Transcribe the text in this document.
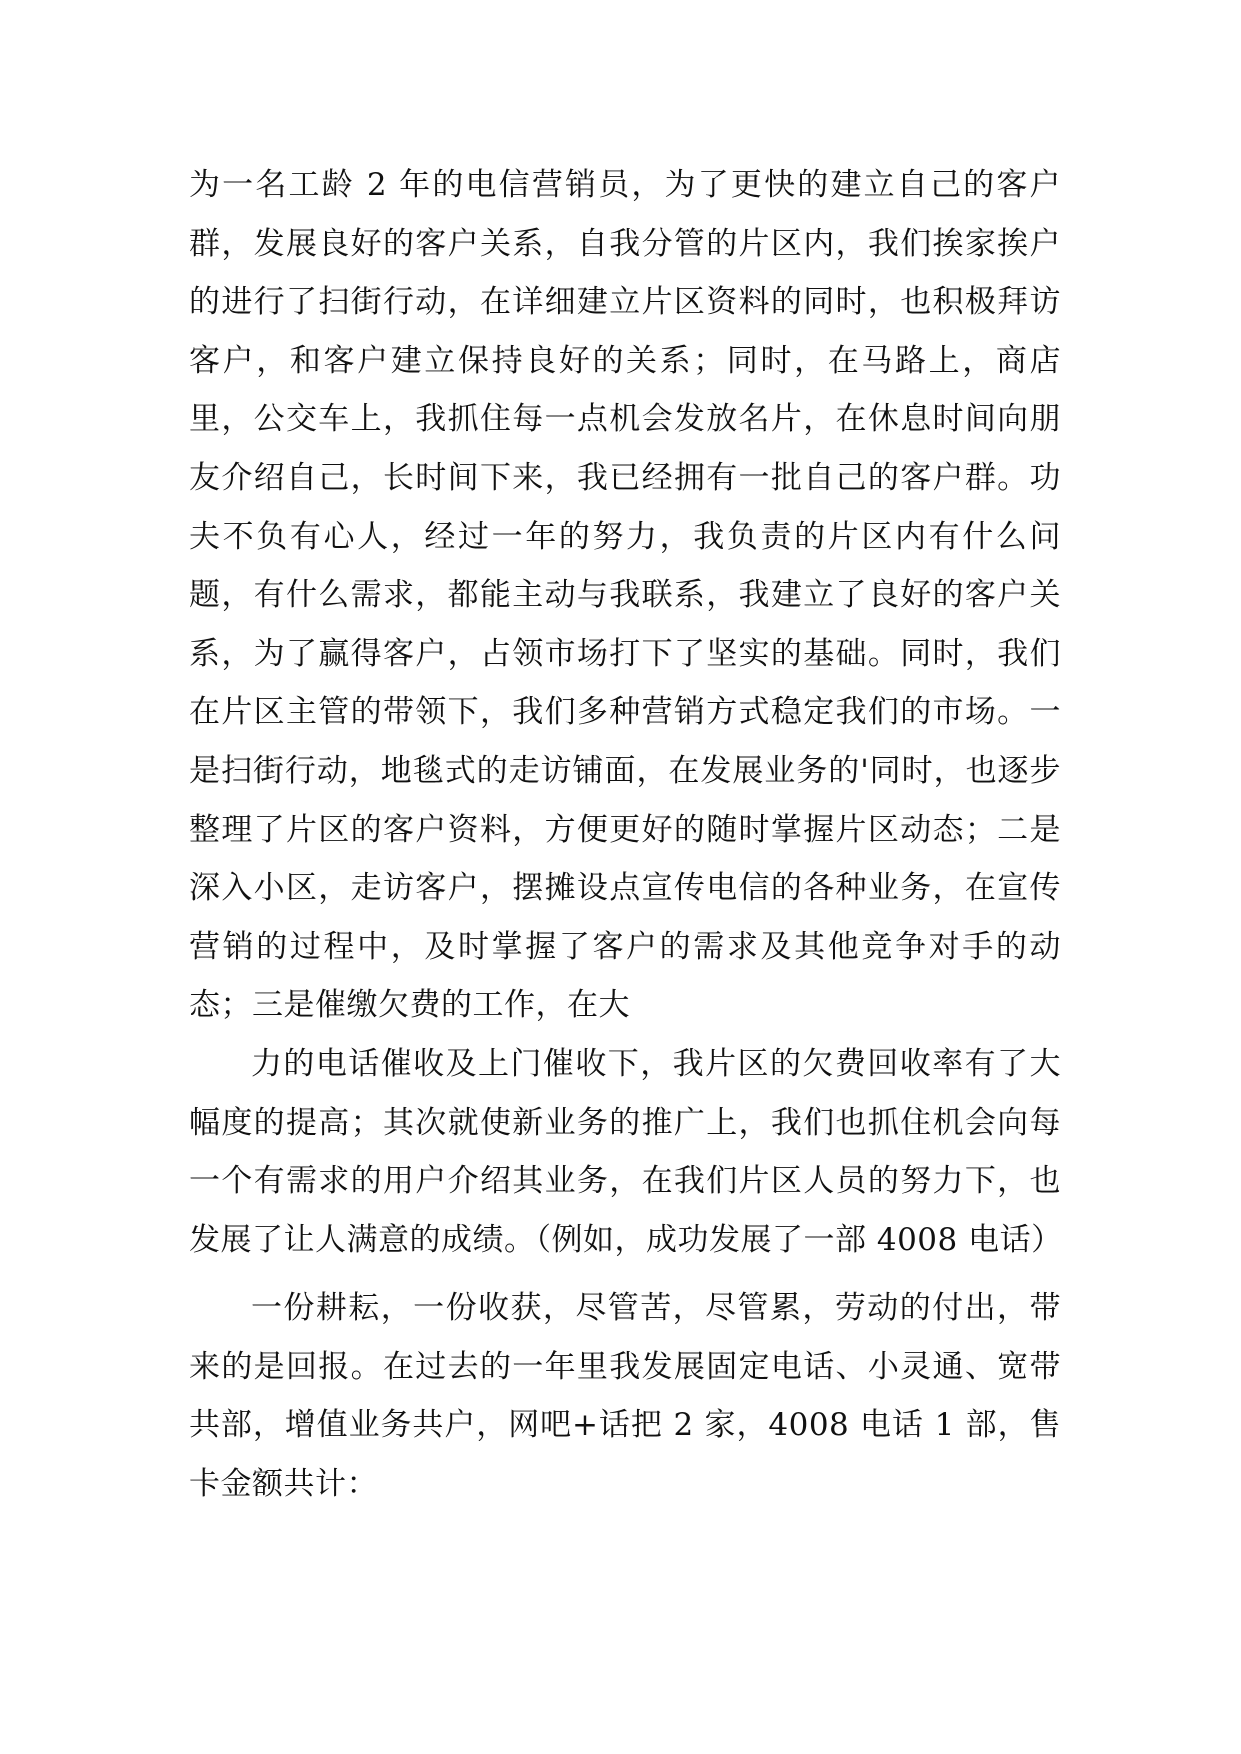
为一名工龄 2 年的电信营销员，为了更快的建立自己的客户群，发展良好的客户关系，自我分管的片区内，我们挨家挨户的进行了扫街行动，在详细建立片区资料的同时，也积极拜访客户，和客户建立保持良好的关系；同时，在马路上，商店里，公交车上，我抓住每一点机会发放名片，在休息时间向朋友介绍自己，长时间下来，我已经拥有一批自己的客户群。功夫不负有心人，经过一年的努力，我负责的片区内有什么问题，有什么需求，都能主动与我联系，我建立了良好的客户关系，为了赢得客户，占领市场打下了坚实的基础。同时，我们在片区主管的带领下，我们多种营销方式稳定我们的市场。一是扫街行动，地毯式的走访铺面，在发展业务的'同时，也逐步整理了片区的客户资料，方便更好的随时掌握片区动态；二是深入小区，走访客户，摆摊设点宣传电信的各种业务，在宣传营销的过程中，及时掌握了客户的需求及其他竞争对手的动态；三是催缴欠费的工作，在大

力的电话催收及上门催收下，我片区的欠费回收率有了大幅度的提高；其次就使新业务的推广上，我们也抓住机会向每一个有需求的用户介绍其业务，在我们片区人员的努力下，也发展了让人满意的成绩。（例如，成功发展了一部 4008 电话）

一份耕耘，一份收获，尽管苦，尽管累，劳动的付出，带来的是回报。在过去的一年里我发展固定电话、小灵通、宽带共部，增值业务共户，网吧+话把 2 家，4008 电话 1 部，售卡金额共计：
